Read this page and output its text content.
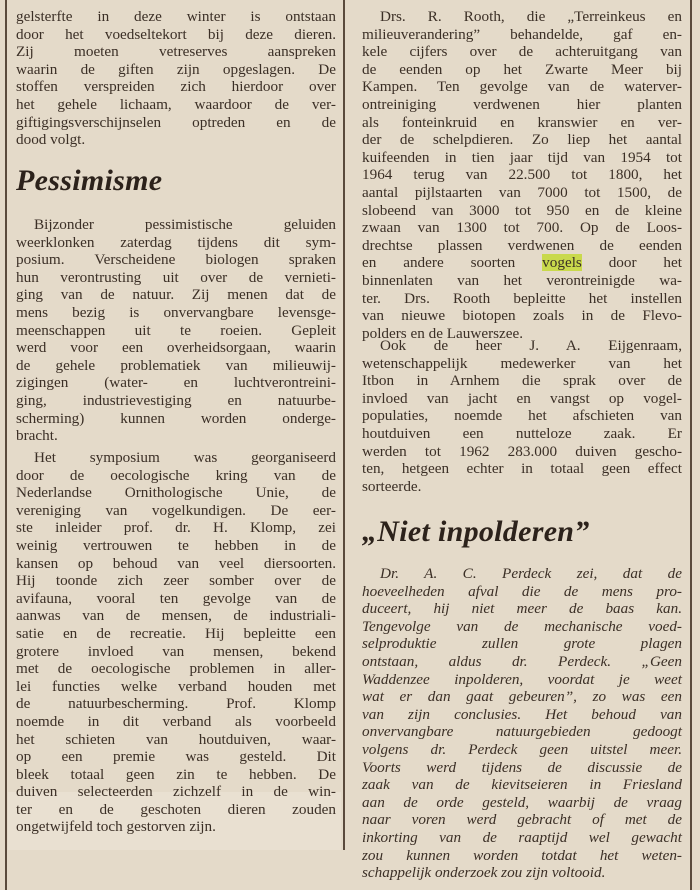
gelsterfte in deze winter is ontstaan
door het voedseltekort bij deze dieren.
Zij moeten vetreserves aanspreken
waarin de giften zijn opgeslagen. De
stoffen verspreiden zich hierdoor over
het gehele lichaam, waardoor de ver-
giftigingsverschijnselen optreden en de
dood volgt.
Pessimisme
Bijzonder pessimistische geluiden
weerklonken zaterdag tijdens dit sym-
posium. Verscheidene biologen spraken
hun verontrusting uit over de vernieti-
ging van de natuur. Zij menen dat de
mens bezig is onvervangbare levensge-
meenschappen uit te roeien. Gepleit
werd voor een overheidsorgaan, waarin
de gehele problematiek van milieuwij-
zigingen (water- en luchtverontreini-
ging, industrievestiging en natuurbe-
scherming) kunnen worden onderge-
bracht.
Het symposium was georganiseerd
door de oecologische kring van de
Nederlandse Ornithologische Unie, de
vereniging van vogelkundigen. De eer-
ste inleider prof. dr. H. Klomp, zei
weinig vertrouwen te hebben in de
kansen op behoud van veel diersoorten.
Hij toonde zich zeer somber over de
avifauna, vooral ten gevolge van de
aanwas van de mensen, de industriali-
satie en de recreatie. Hij bepleitte een
grotere invloed van mensen, bekend
met de oecologische problemen in aller-
lei functies welke verband houden met
de natuurbescherming. Prof. Klomp
noemde in dit verband als voorbeeld
het schieten van houtduiven, waar-
op een premie was gesteld. Dit
bleek totaal geen zin te hebben. De
duiven selecteerden zichzelf in de win-
ter en de geschoten dieren zouden
ongetwijfeld toch gestorven zijn.
Drs. R. Rooth, die „Terreinkeus en
milieuverandering” behandelde, gaf en-
kele cijfers over de achteruitgang van
de eenden op het Zwarte Meer bij
Kampen. Ten gevolge van de waterver-
ontreiniging verdwenen hier planten
als fonteinkruid en kranswier en ver-
der de schelpdieren. Zo liep het aantal
kuifeenden in tien jaar tijd van 1954 tot
1964 terug van 22.500 tot 1800, het
aantal pijlstaarten van 7000 tot 1500, de
slobeend van 3000 tot 950 en de kleine
zwaan van 1300 tot 700. Op de Loos-
drechtse plassen verdwenen de eenden
en andere soorten vogels door het
binnenlaten van het verontreinigde wa-
ter. Drs. Rooth bepleitte het instellen
van nieuwe biotopen zoals in de Flevo-
polders en de Lauwerszee.
Ook de heer J. A. Eijgenraam,
wetenschappelijk medewerker van het
Itbon in Arnhem die sprak over de
invloed van jacht en vangst op vogel-
populaties, noemde het afschieten van
houtduiven een nutteloze zaak. Er
werden tot 1962 283.000 duiven gescho-
ten, hetgeen echter in totaal geen effect
sorteerde.
„Niet inpolderen”
Dr. A. C. Perdeck zei, dat de
hoeveelheden afval die de mens pro-
duceert, hij niet meer de baas kan.
Tengevolge van de mechanische voed-
selproduktie zullen grote plagen
ontstaan, aldus dr. Perdeck. „Geen
Waddenzee inpolderen, voordat je weet
wat er dan gaat gebeuren”, zo was een
van zijn conclusies. Het behoud van
onvervangbare natuurgebieden gedoogt
volgens dr. Perdeck geen uitstel meer.
Voorts werd tijdens de discussie de
zaak van de kievitseieren in Friesland
aan de orde gesteld, waarbij de vraag
naar voren werd gebracht of met de
inkorting van de raaptijd wel gewacht
zou kunnen worden totdat het weten-
schappelijk onderzoek zou zijn voltooid.
